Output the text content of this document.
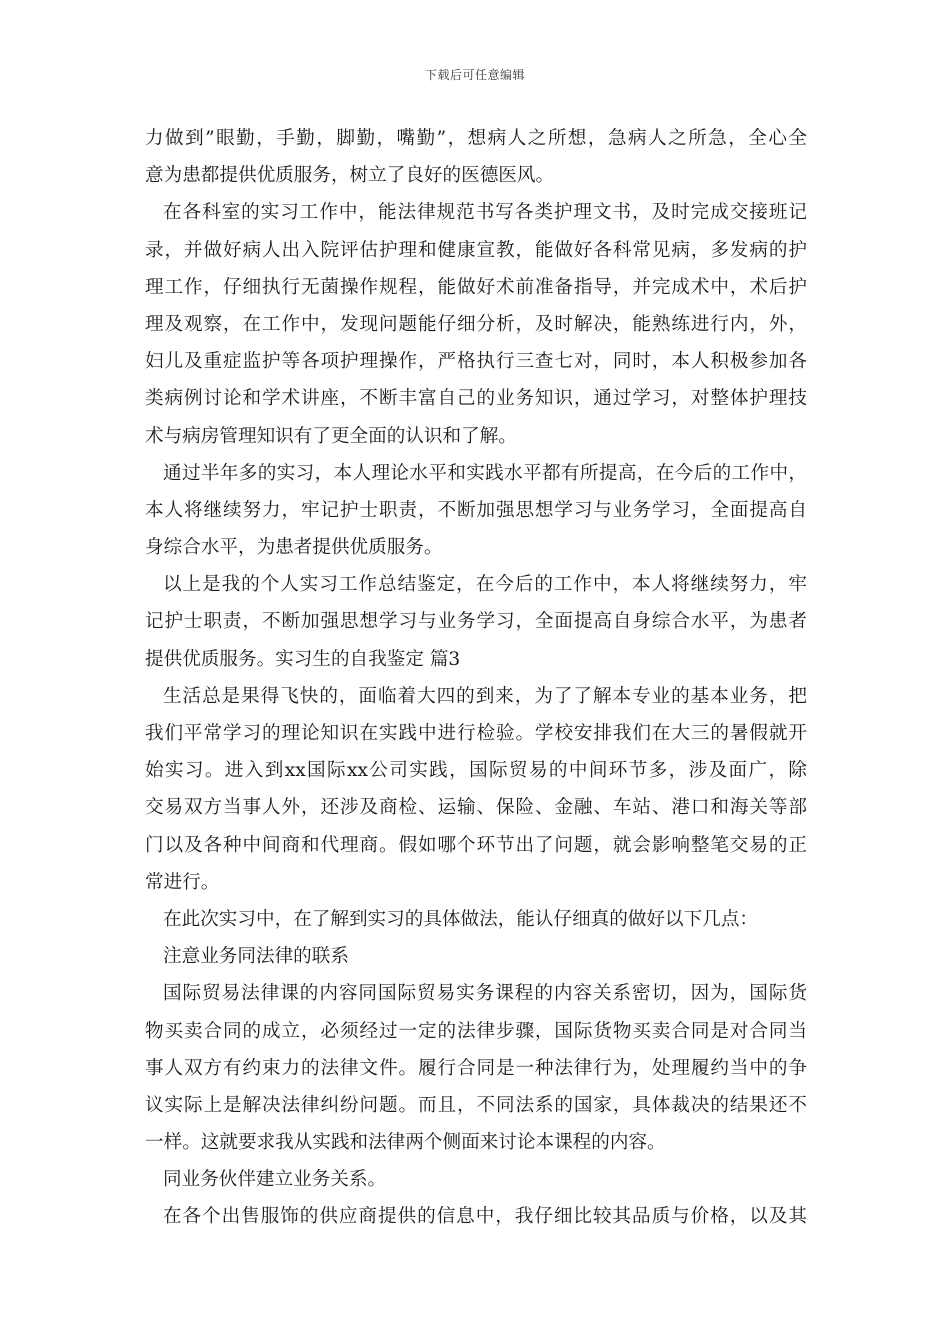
下载后可任意编辑
力做到”眼勤，手勤，脚勤，嘴勤”，想病人之所想，急病人之所急，全心全
意为患都提供优质服务，树立了良好的医德医风。
在各科室的实习工作中，能法律规范书写各类护理文书，及时完成交接班记
录，并做好病人出入院评估护理和健康宣教，能做好各科常见病，多发病的护
理工作，仔细执行无菌操作规程，能做好术前准备指导，并完成术中，术后护
理及观察，在工作中，发现问题能仔细分析，及时解决，能熟练进行内，外，
妇儿及重症监护等各项护理操作，严格执行三查七对，同时，本人积极参加各
类病例讨论和学术讲座，不断丰富自己的业务知识，通过学习，对整体护理技
术与病房管理知识有了更全面的认识和了解。
通过半年多的实习，本人理论水平和实践水平都有所提高，在今后的工作中，
本人将继续努力，牢记护士职责，不断加强思想学习与业务学习，全面提高自
身综合水平，为患者提供优质服务。
以上是我的个人实习工作总结鉴定，在今后的工作中，本人将继续努力，牢
记护士职责，不断加强思想学习与业务学习，全面提高自身综合水平，为患者
提供优质服务。实习生的自我鉴定 篇3
生活总是果得飞快的，面临着大四的到来，为了了解本专业的基本业务，把
我们平常学习的理论知识在实践中进行检验。学校安排我们在大三的暑假就开
始实习。进入到xx国际xx公司实践，国际贸易的中间环节多，涉及面广，除
交易双方当事人外，还涉及商检、运输、保险、金融、车站、港口和海关等部
门以及各种中间商和代理商。假如哪个环节出了问题，就会影响整笔交易的正
常进行。
在此次实习中，在了解到实习的具体做法，能认仔细真的做好以下几点：
注意业务同法律的联系
国际贸易法律课的内容同国际贸易实务课程的内容关系密切，因为，国际货
物买卖合同的成立，必须经过一定的法律步骤，国际货物买卖合同是对合同当
事人双方有约束力的法律文件。履行合同是一种法律行为，处理履约当中的争
议实际上是解决法律纠纷问题。而且，不同法系的国家，具体裁决的结果还不
一样。这就要求我从实践和法律两个侧面来讨论本课程的内容。
同业务伙伴建立业务关系。
在各个出售服饰的供应商提供的信息中，我仔细比较其品质与价格，以及其
